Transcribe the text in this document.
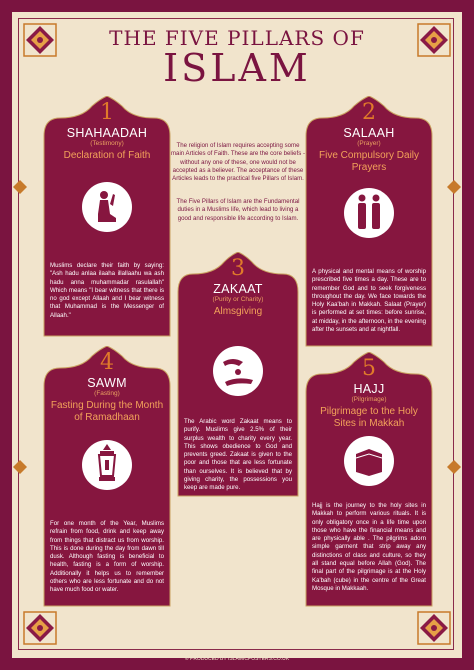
THE FIVE PILLARS OF
ISLAM
The religion of Islam requires accepting some main Articles of Faith. These are the core beliefs - without any one of these, one would not be accepted as a believer. The acceptance of these Articles leads to the practical five Pillars of Islam.
The Five Pillars of Islam are the Fundamental duties in a Muslims life, which lead to living a good and responsible life according to Islam.
1
SHAHAADAH
(Testimony)
Declaration of Faith
Muslims declare their faith by saying: "Ash hadu anlaa ilaaha illallaahu wa ash hadu anna muhammadar rasulallah" Which means "I bear witness that there is no god except Allaah and I bear witness that Muhammad is the Messenger of Allaah."
2
SALAAH
(Prayer)
Five Compulsory Daily Prayers
A physical and mental means of worship prescribed five times a day. These are to remember God and to seek forgiveness throughout the day. We face towards the Holy Kaa'bah in Makkah. Salaat (Prayer) is performed at set times: before sunrise, at midday, in the afternoon, in the evening after the sunsets and at nightfall.
3
ZAKAAT
(Purity or Charity)
Almsgiving
The Arabic word Zakaat means to purify. Muslims give 2.5% of their surplus wealth to charity every year. This shows obedience to God and prevents greed. Zakaat is given to the poor and those that are less fortunate than ourselves. It is believed that by giving charity, the possessions you keep are made pure.
4
SAWM
(Fasting)
Fasting During the Month of Ramadhaan
For one month of the Year, Muslims refrain from food, drink and keep away from things that distract us from worship. This is done during the day from dawn till dusk. Although fasting is beneficial to health, fasting is a form of worship. Additionally it helps us to remember others who are less fortunate and do not have much food or water.
5
HAJJ
(Pilgrimage)
Pilgrimage to the Holy Sites in Makkah
Hajj is the journey to the holy sites in Makkah to perform various rituals. It is only obligatory once in a life time upon those who have the financial means and are physically able . The pilgrims adorn simple garment that strip away any distinctions of class and culture, so they all stand equal before Allah (God). The final part of the pilgrimage is at the Holy Ka'bah (cube) in the centre of the Great Mosque in Makkaah.
© PRODUCED BY ISLAMICPOSTERS.CO.UK
